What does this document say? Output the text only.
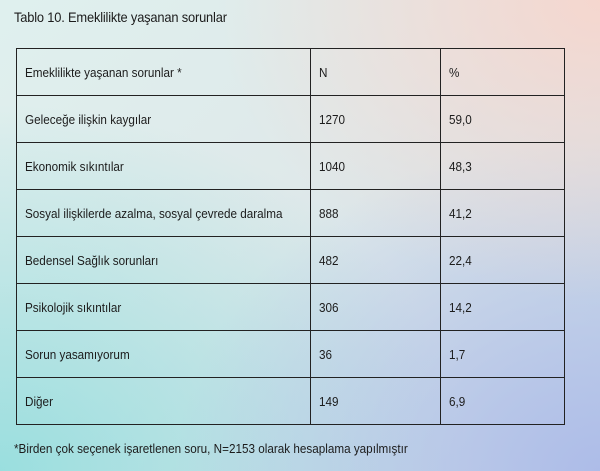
Tablo 10. Emeklilikte yaşanan sorunlar
Emeklilikte yaşanan sorunlar *	N	%
Geleceğe ilişkin kaygılar	1270	59,0
Ekonomik sıkıntılar	1040	48,3
Sosyal ilişkilerde azalma, sosyal çevrede daralma	888	41,2
Bedensel Sağlık sorunları	482	22,4
Psikolojik sıkıntılar	306	14,2
Sorun yasamıyorum	36	1,7
Diğer	149	6,9
*Birden çok seçenek işaretlenen soru, N=2153 olarak hesaplama yapılmıştır
